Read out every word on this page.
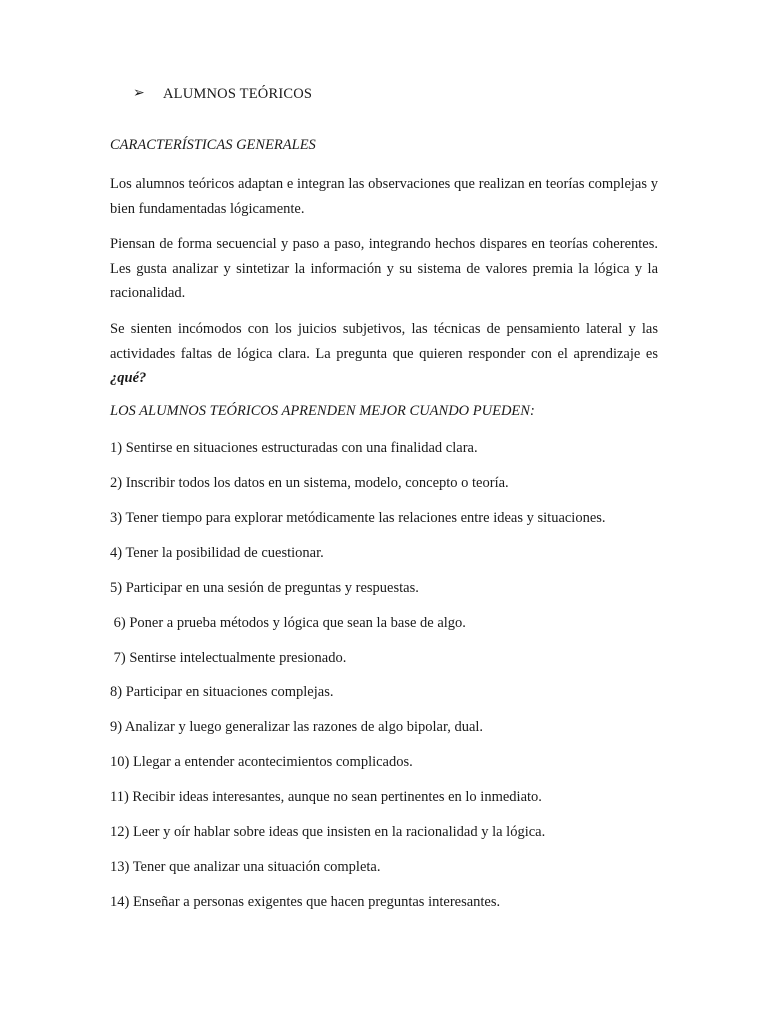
➢	ALUMNOS TEÓRICOS
CARACTERÍSTICAS GENERALES

Los alumnos teóricos adaptan e integran las observaciones que realizan en teorías complejas y bien fundamentadas lógicamente.

Piensan de forma secuencial y paso a paso, integrando hechos dispares en teorías coherentes. Les gusta analizar y sintetizar la información y su sistema de valores premia la lógica y la racionalidad.

Se sienten incómodos con los juicios subjetivos, las técnicas de pensamiento lateral y las actividades faltas de lógica clara. La pregunta que quieren responder con el aprendizaje es ¿qué?

LOS ALUMNOS TEÓRICOS APRENDEN MEJOR CUANDO PUEDEN:
1) Sentirse en situaciones estructuradas con una finalidad clara.
2) Inscribir todos los datos en un sistema, modelo, concepto o teoría.
3) Tener tiempo para explorar metódicamente las relaciones entre ideas y situaciones.
4) Tener la posibilidad de cuestionar.
5) Participar en una sesión de preguntas y respuestas.
6) Poner a prueba métodos y lógica que sean la base de algo.
7) Sentirse intelectualmente presionado.
8) Participar en situaciones complejas.
9) Analizar y luego generalizar las razones de algo bipolar, dual.
10) Llegar a entender acontecimientos complicados.
11) Recibir ideas interesantes, aunque no sean pertinentes en lo inmediato.
12) Leer y oír hablar sobre ideas que insisten en la racionalidad y la lógica.
13) Tener que analizar una situación completa.
14) Enseñar a personas exigentes que hacen preguntas interesantes.
